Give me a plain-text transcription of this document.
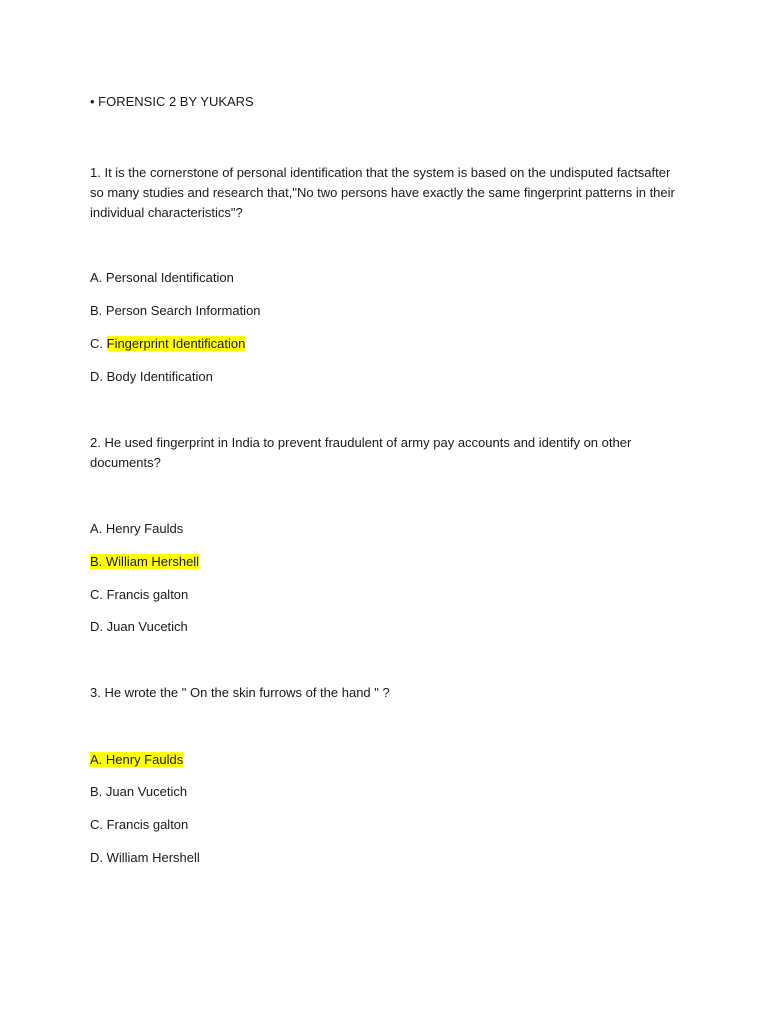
• FORENSIC 2 BY YUKARS
1. It is the cornerstone of personal identification that the system is based on the undisputed factsafter so many studies and research that,"No two persons have exactly the same fingerprint patterns in their individual characteristics"?
A. Personal Identification
B. Person Search Information
C. Fingerprint Identification
D. Body Identification
2. He used fingerprint in India to prevent fraudulent of army pay accounts and identify on other documents?
A. Henry Faulds
B. William Hershell
C. Francis galton
D. Juan Vucetich
3. He wrote the " On the skin furrows of the hand " ?
A. Henry Faulds
B. Juan Vucetich
C. Francis galton
D. William Hershell
